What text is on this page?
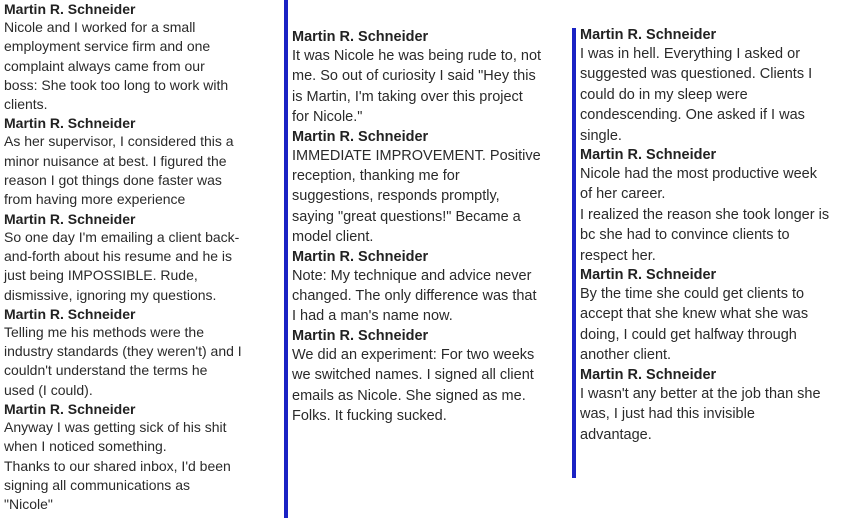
Martin R. Schneider
Nicole and I worked for a small
employment service firm and one
complaint always came from our
boss: She took too long to work with
clients.
Martin R. Schneider
As her supervisor, I considered this a
minor nuisance at best. I figured the
reason I got things done faster was
from having more experience
Martin R. Schneider
So one day I'm emailing a client back-
and-forth about his resume and he is
just being IMPOSSIBLE. Rude,
dismissive, ignoring my questions.
Martin R. Schneider
Telling me his methods were the
industry standards (they weren't) and I
couldn't understand the terms he
used (I could).
Martin R. Schneider
Anyway I was getting sick of his shit
when I noticed something.
Thanks to our shared inbox, I'd been
signing all communications as
"Nicole"
Martin R. Schneider
It was Nicole he was being rude to, not
me. So out of curiosity I said "Hey this
is Martin, I'm taking over this project
for Nicole."
Martin R. Schneider
IMMEDIATE IMPROVEMENT. Positive
reception, thanking me for
suggestions, responds promptly,
saying "great questions!" Became a
model client.
Martin R. Schneider
Note: My technique and advice never
changed. The only difference was that
I had a man's name now.
Martin R. Schneider
We did an experiment: For two weeks
we switched names. I signed all client
emails as Nicole. She signed as me.
Folks. It fucking sucked.
Martin R. Schneider
I was in hell. Everything I asked or
suggested was questioned. Clients I
could do in my sleep were
condescending. One asked if I was
single.
Martin R. Schneider
Nicole had the most productive week
of her career.
I realized the reason she took longer is
bc she had to convince clients to
respect her.
Martin R. Schneider
By the time she could get clients to
accept that she knew what she was
doing, I could get halfway through
another client.
Martin R. Schneider
I wasn't any better at the job than she
was, I just had this invisible
advantage.
